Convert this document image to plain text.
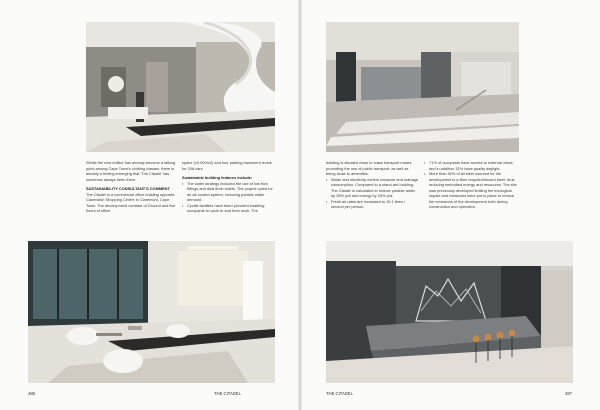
Whilst the new edifice has already become a talking point among Cape Town's clothing classes, there is already a feeling emerging that 'The Citadel' has somehow always been there.

SUSTAINABILITY CONSULTANT'S COMMENT

The Citadel is a commercial office building opposite Cavendish Shopping Centre in Claremont, Cape Town. The development consists of Ground and five floors of office

space (±5,000m2) and four parking basement levels for 208 cars.

Sustainable building features include:
• The water strategy included the use of low flow fittings and dual flush toilets. The project opted for an air-cooled system, reducing potable water demand.
• Cyclist facilities have been provided enabling occupants to cycle to and from work. The
486	THE CITADEL

building is situated close to mass transport routes, promoting the use of public transport, as well as being close to amenities.

• Water and electricity meters measure and manage consumption. Compared to a stand-ard building, The Citadel is calculated to reduce potable water by 28% pcll and energy by 33% p/a.
• Fresh air rates are increased to 15.1 litres / second per person.
• 71% of occupants have access to external views and in addition 32% have quality daylight.
• More than 90% of all steel sourced for the development is a fibre recycled/reused steel, thus reducing embodied energy and resources. The site was previously developed limiting the ecological impact and measures were put in place to reduce the emissions of the development both during construction and operation.
THE CITADEL	487
